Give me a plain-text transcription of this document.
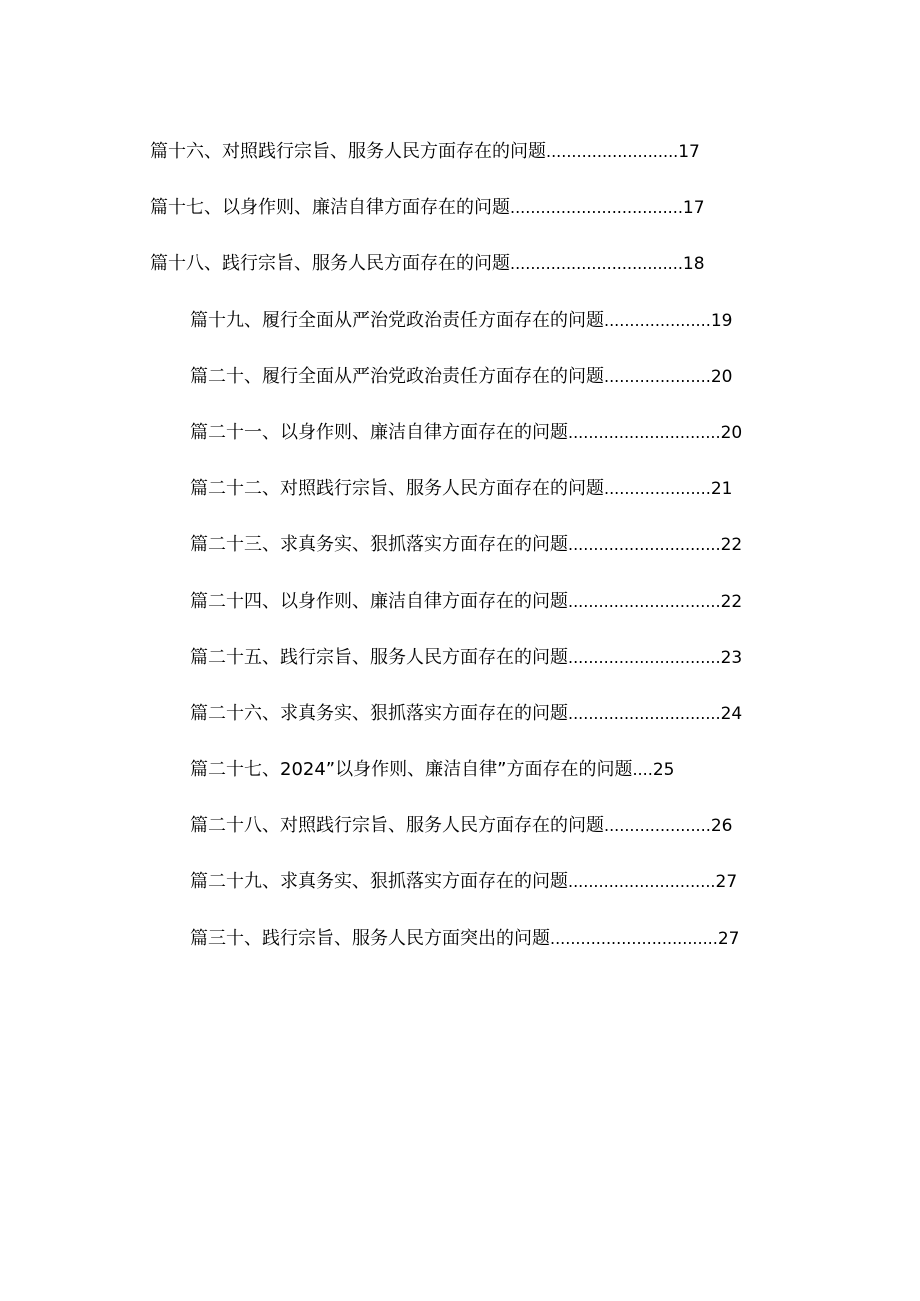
篇十六、对照践行宗旨、服务人民方面存在的问题..........................17
篇十七、以身作则、廉洁自律方面存在的问题..................................17
篇十八、践行宗旨、服务人民方面存在的问题..................................18
篇十九、履行全面从严治党政治责任方面存在的问题.....................19
篇二十、履行全面从严治党政治责任方面存在的问题.....................20
篇二十一、以身作则、廉洁自律方面存在的问题..............................20
篇二十二、对照践行宗旨、服务人民方面存在的问题.....................21
篇二十三、求真务实、狠抓落实方面存在的问题..............................22
篇二十四、以身作则、廉洁自律方面存在的问题..............................22
篇二十五、践行宗旨、服务人民方面存在的问题..............................23
篇二十六、求真务实、狠抓落实方面存在的问题..............................24
篇二十七、2024”以身作则、廉洁自律”方面存在的问题....25
篇二十八、对照践行宗旨、服务人民方面存在的问题.....................26
篇二十九、求真务实、狠抓落实方面存在的问题.............................27
篇三十、践行宗旨、服务人民方面突出的问题.................................27
